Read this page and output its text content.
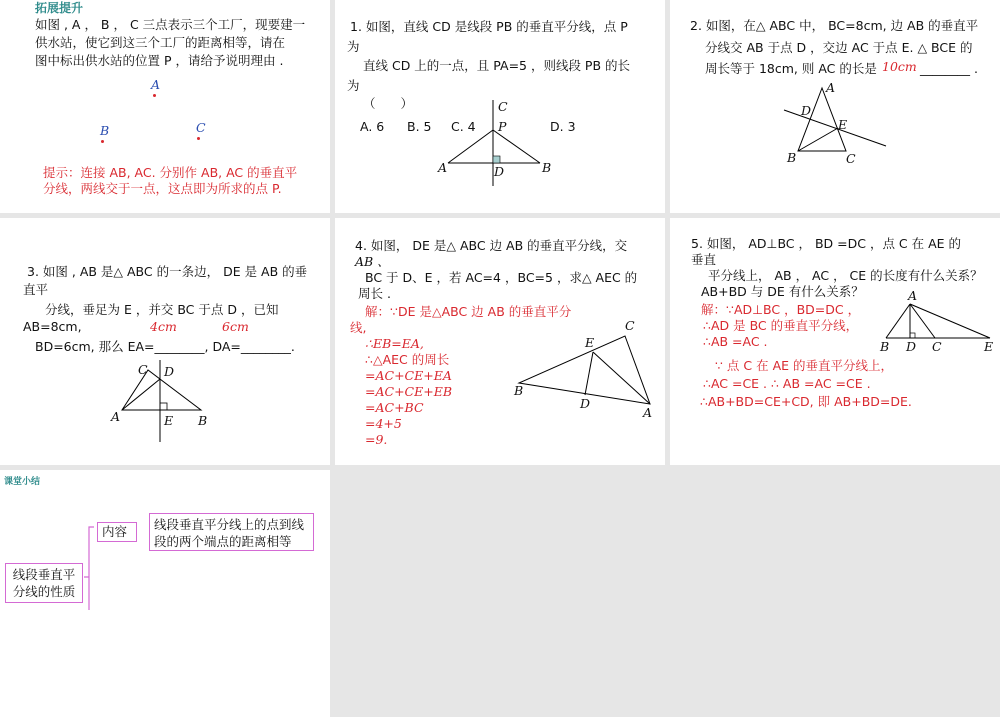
拓展提升
如图 , A ， B ， C 三点表示三个工厂，现要建一
供水站，使它到这三个工厂的距离相等，请在
图中标出供水站的位置 P ，请给予说明理由 .
A
B	C
提示：连接 AB, AC. 分别作 AB, AC 的垂直平
分线，两线交于一点，这点即为所求的点 P.
1. 如图，直线 CD 是线段 PB 的垂直平分线，点 P
为
直线 CD 上的一点，且 PA=5 ，则线段 PB 的长
为
（　　）
A. 6 B. 5 C. 4	D. 3
C
P
A	D	B
2. 如图，在△ ABC 中， BC=8cm, 边 AB 的垂直平
分线交 AB 于点 D ，交边 AC 于点 E. △ BCE 的
周长等于 18cm, 则 AC 的长是 10cm ________ .
A
D
E
B	C
3. 如图 , AB 是△ ABC 的一条边， DE 是 AB 的垂
直平
分线，垂足为 E ，并交 BC 于点 D ，已知
AB=8cm,	4cm	6cm
BD=6cm, 那么 EA=________, DA=________.
C D
A	E B
4. 如图， DE 是△ ABC 边 AB 的垂直平分线，交
AB 、
BC 于 D、E ，若 AC=4 ，BC=5 ，求△ AEC 的
周长 .
解：∵DE 是△ABC 边 AB 的垂直平分
线,
∴EB=EA,
∴△AEC 的周长
=AC+CE+EA
=AC+CE+EB
=AC+BC
=4+5
=9.
C
E
B
D
A
5. 如图， AD⊥BC ， BD =DC ，点 C 在 AE 的
垂直
平分线上， AB ， AC ， CE 的长度有什么关系？
AB+BD 与 DE 有什么关系？
解：∵AD⊥BC ，BD=DC ，
∴AD 是 BC 的垂直平分线，
∴AB =AC .
∵ 点 C 在 AE 的垂直平分线上，
∴AC =CE . ∴ AB =AC =CE .
∴AB+BD=CE+CD, 即 AB+BD=DE.
A
B D C	E
课堂小结
内容	线段垂直平分线上的点到线段的两个端点的距离相等
线段垂直平分线的性质
